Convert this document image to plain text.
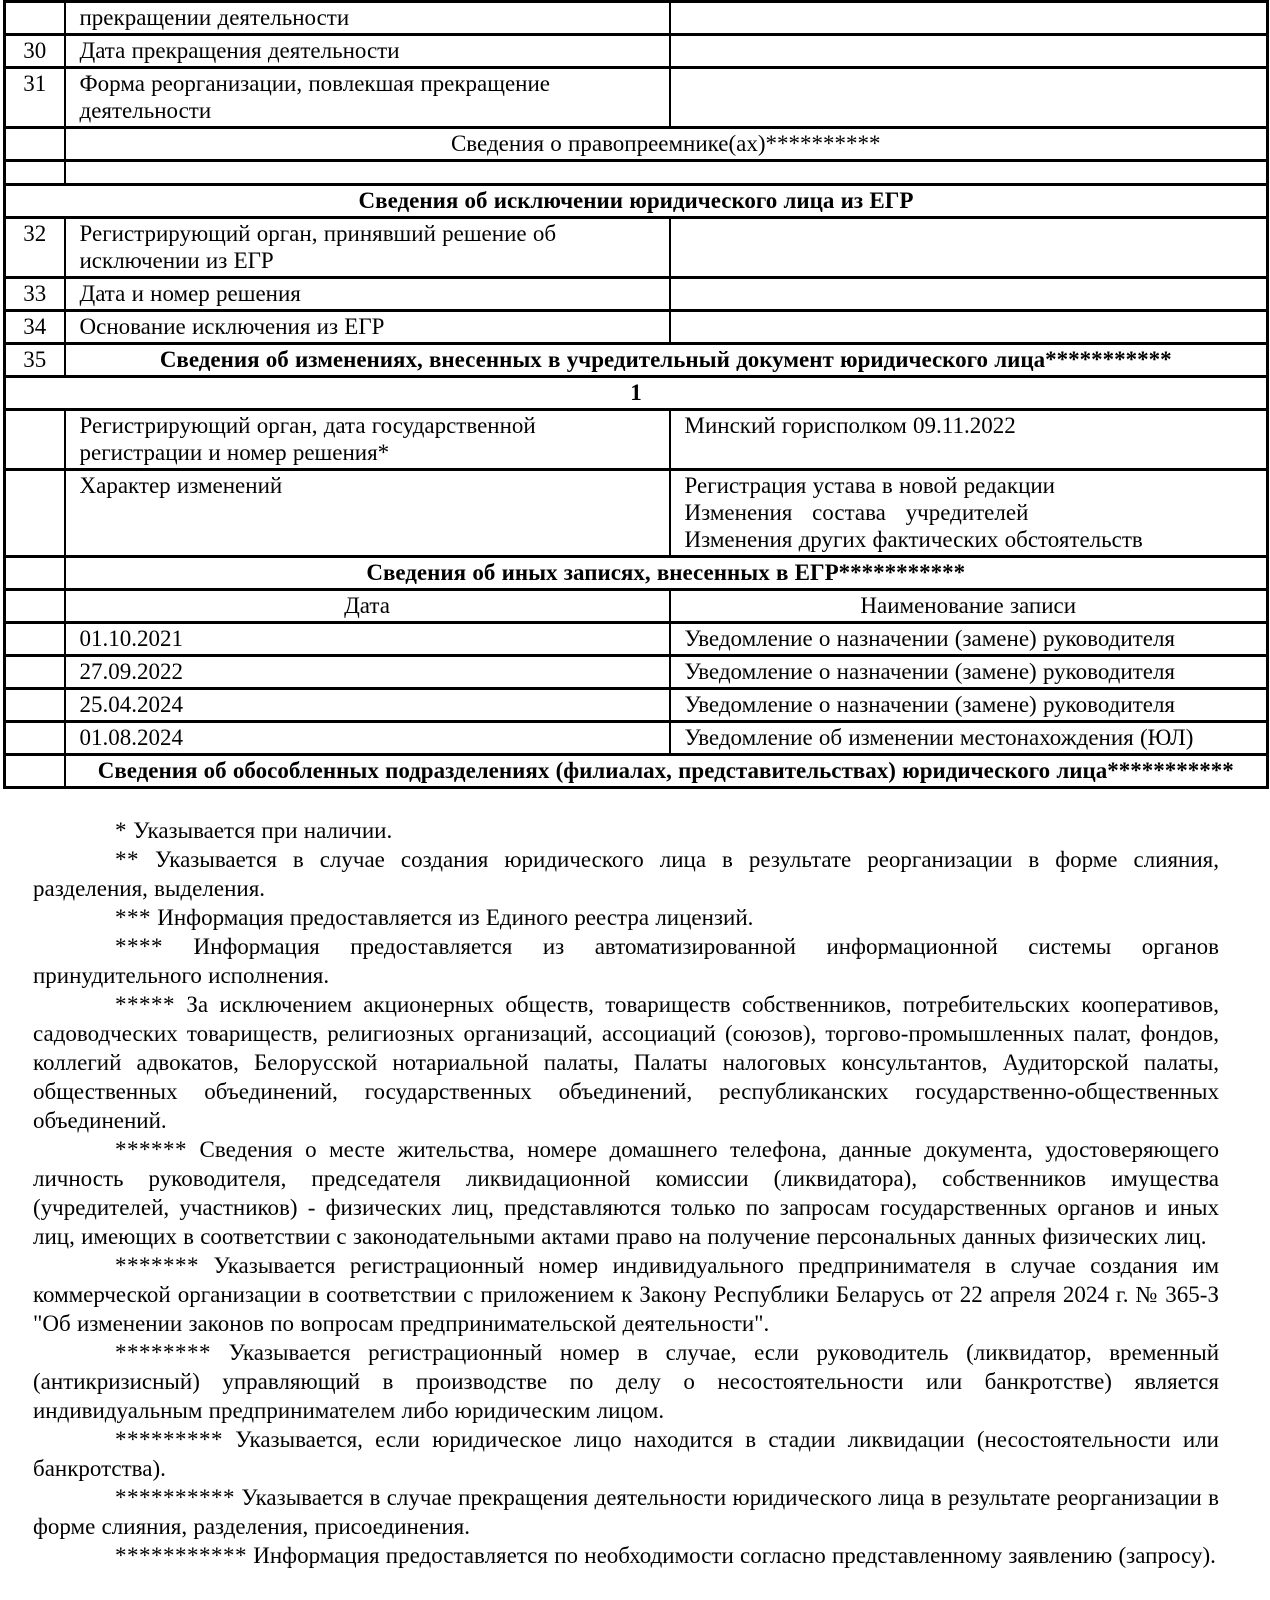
	прекращении деятельности	
30	Дата прекращения деятельности	
31	Форма реорганизации, повлекшая прекращение деятельности	
	Сведения о правопреемнике(ах)**********	

Сведения об исключении юридического лица из ЕГР		
32	Регистрирующий орган, принявший решение об исключении из ЕГР	
33	Дата и номер решения	
34	Основание исключения из ЕГР	
35	Сведения об изменениях, внесенных в учредительный документ юридического лица***********	
1		
	Регистрирующий орган, дата государственной регистрации и номер решения*	Минский горисполком 09.11.2022
	Характер изменений	Регистрация устава в новой редакции
Изменения состава учредителей
Изменения других фактических обстоятельств

	Сведения об иных записях, внесенных в ЕГР***********	
	Дата	Наименование записи
	01.10.2021	Уведомление о назначении (замене) руководителя
	27.09.2022	Уведомление о назначении (замене) руководителя
	25.04.2024	Уведомление о назначении (замене) руководителя
	01.08.2024	Уведомление об изменении местонахождения (ЮЛ)
	Сведения об обособленных подразделениях (филиалах, представительствах) юридического лица***********	

* Указывается при наличии.

** Указывается в случае создания юридического лица в результате реорганизации в форме слияния, разделения, выделения.

*** Информация предоставляется из Единого реестра лицензий.

**** Информация предоставляется из автоматизированной информационной системы органов принудительного исполнения.

***** За исключением акционерных обществ, товариществ собственников, потребительских кооперативов, садоводческих товариществ, религиозных организаций, ассоциаций (союзов), торгово-промышленных палат, фондов, коллегий адвокатов, Белорусской нотариальной палаты, Палаты налоговых консультантов, Аудиторской палаты, общественных объединений, государственных объединений, республиканских государственно-общественных объединений.

****** Сведения о месте жительства, номере домашнего телефона, данные документа, удостоверяющего личность руководителя, председателя ликвидационной комиссии (ликвидатора), собственников имущества (учредителей, участников) - физических лиц, представляются только по запросам государственных органов и иных лиц, имеющих в соответствии с законодательными актами право на получение персональных данных физических лиц.

******* Указывается регистрационный номер индивидуального предпринимателя в случае создания им коммерческой организации в соответствии с приложением к Закону Республики Беларусь от 22 апреля 2024 г. № 365-З "Об изменении законов по вопросам предпринимательской деятельности".

******** Указывается регистрационный номер в случае, если руководитель (ликвидатор, временный (антикризисный) управляющий в производстве по делу о несостоятельности или банкротстве) является индивидуальным предпринимателем либо юридическим лицом.

********* Указывается, если юридическое лицо находится в стадии ликвидации (несостоятельности или банкротства).

********** Указывается в случае прекращения деятельности юридического лица в результате реорганизации в форме слияния, разделения, присоединения.

*********** Информация предоставляется по необходимости согласно представленному заявлению (запросу).
